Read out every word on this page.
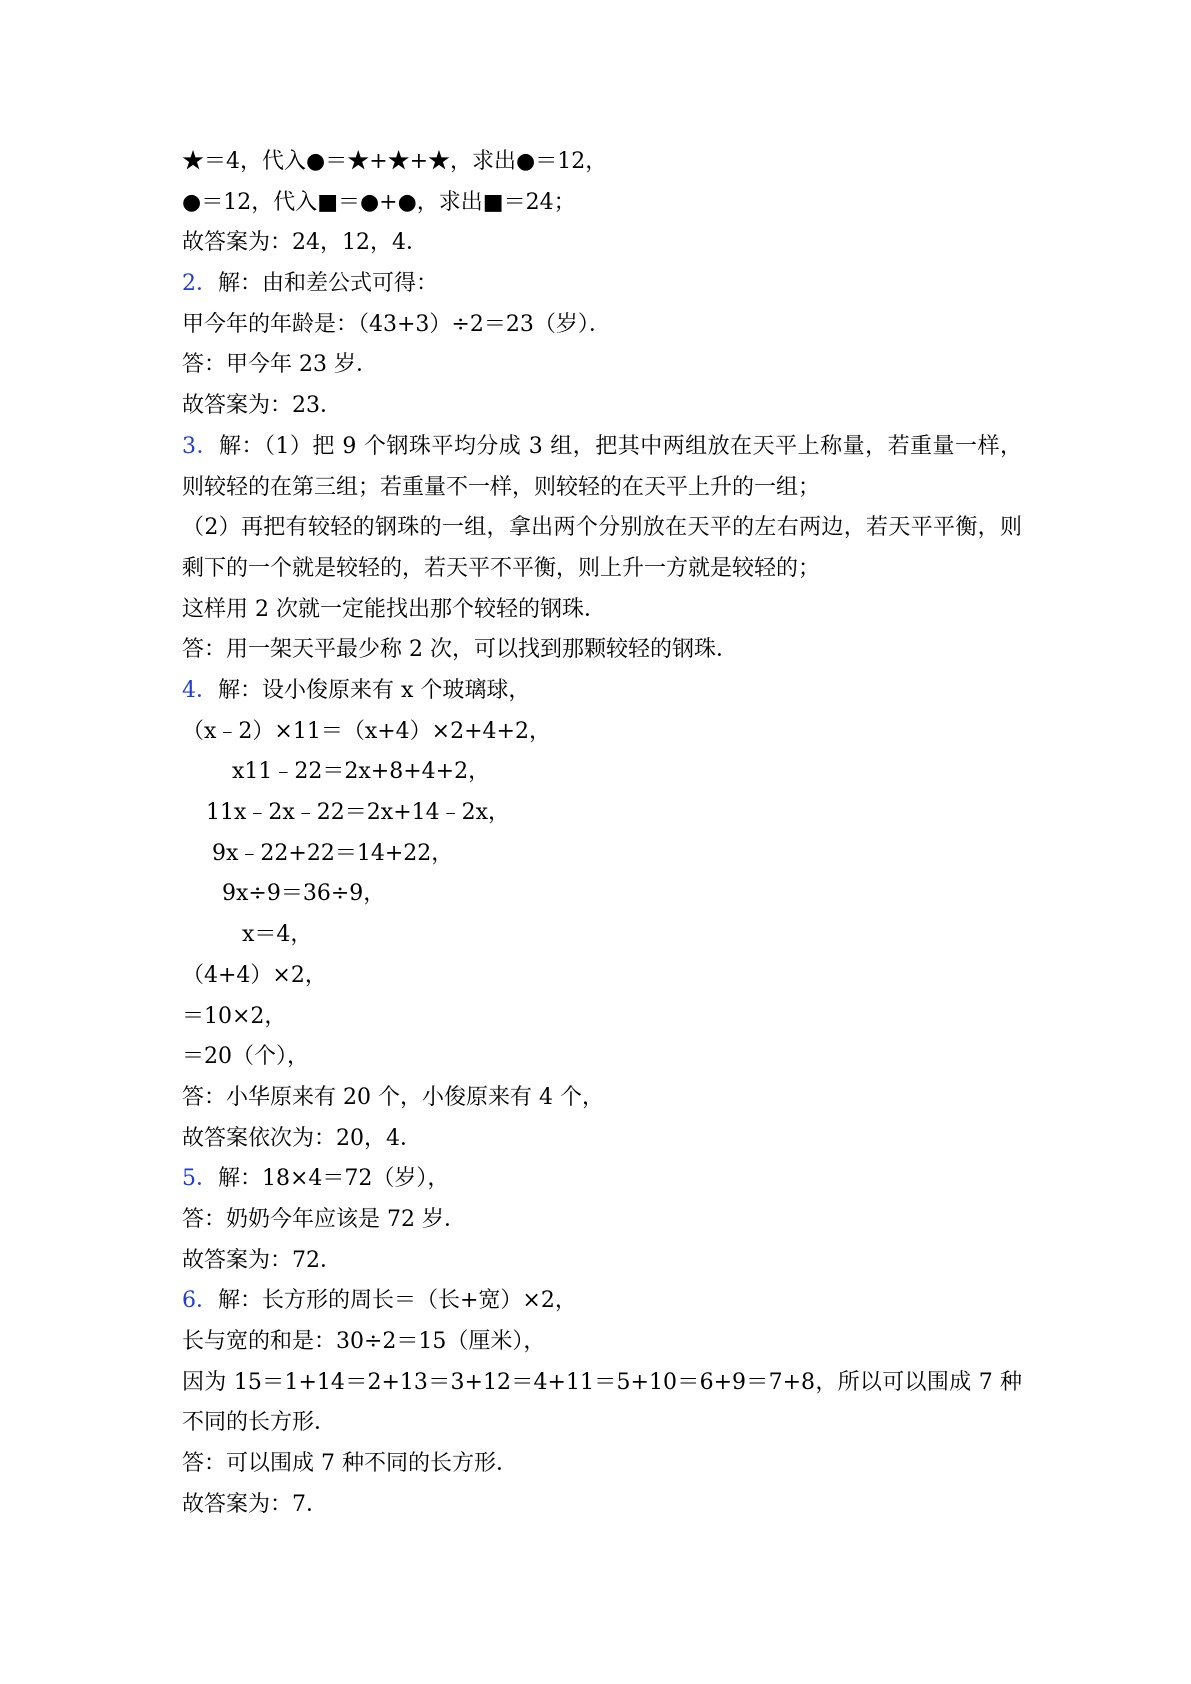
★＝4，代入●＝★+★+★，求出●＝12，
●＝12，代入■＝●+●，求出■＝24；
故答案为：24，12，4．
2．解：由和差公式可得：
甲今年的年龄是：（43+3）÷2＝23（岁）．
答：甲今年 23 岁．
故答案为：23．
3．解：（1）把 9 个钢珠平均分成 3 组，把其中两组放在天平上称量，若重量一样，则较轻的在第三组；若重量不一样，则较轻的在天平上升的一组；
（2）再把有较轻的钢珠的一组，拿出两个分别放在天平的左右两边，若天平平衡，则剩下的一个就是较轻的，若天平不平衡，则上升一方就是较轻的；
这样用 2 次就一定能找出那个较轻的钢珠．
答：用一架天平最少称 2 次，可以找到那颗较轻的钢珠．
4．解：设小俊原来有 x 个玻璃球，
（x﹣2）×11＝（x+4）×2+4+2，
x11﹣22＝2x+8+4+2，
11x﹣2x﹣22＝2x+14﹣2x，
9x﹣22+22＝14+22，
9x÷9＝36÷9，
x＝4，
（4+4）×2，
＝10×2，
＝20（个），
答：小华原来有 20 个，小俊原来有 4 个，
故答案依次为：20，4．
5．解：18×4＝72（岁），
答：奶奶今年应该是 72 岁．
故答案为：72．
6．解：长方形的周长＝（长+宽）×2，
长与宽的和是：30÷2＝15（厘米），
因为 15＝1+14＝2+13＝3+12＝4+11＝5+10＝6+9＝7+8，所以可以围成 7 种不同的长方形．
答：可以围成 7 种不同的长方形．
故答案为：7．
